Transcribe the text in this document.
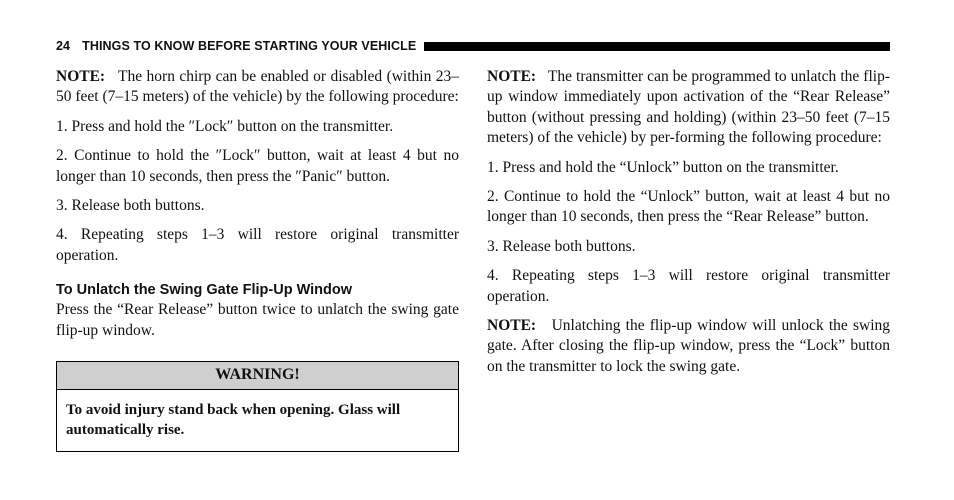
24 THINGS TO KNOW BEFORE STARTING YOUR VEHICLE

NOTE: The horn chirp can be enabled or disabled (within 23–50 feet (7–15 meters) of the vehicle) by the following procedure:

1. Press and hold the ″Lock″ button on the transmitter.

2. Continue to hold the ″Lock″ button, wait at least 4 but no longer than 10 seconds, then press the ″Panic″ button.

3. Release both buttons.

4. Repeating steps 1–3 will restore original transmitter operation.

To Unlatch the Swing Gate Flip-Up Window

Press the “Rear Release” button twice to unlatch the swing gate flip-up window.

WARNING!
To avoid injury stand back when opening. Glass will automatically rise.

NOTE: The transmitter can be programmed to unlatch the flip-up window immediately upon activation of the “Rear Release” button (without pressing and holding) (within 23–50 feet (7–15 meters) of the vehicle) by per-forming the following procedure:

1. Press and hold the “Unlock” button on the transmitter.

2. Continue to hold the “Unlock” button, wait at least 4 but no longer than 10 seconds, then press the “Rear Release” button.

3. Release both buttons.

4. Repeating steps 1–3 will restore original transmitter operation.

NOTE: Unlatching the flip-up window will unlock the swing gate. After closing the flip-up window, press the “Lock” button on the transmitter to lock the swing gate.
